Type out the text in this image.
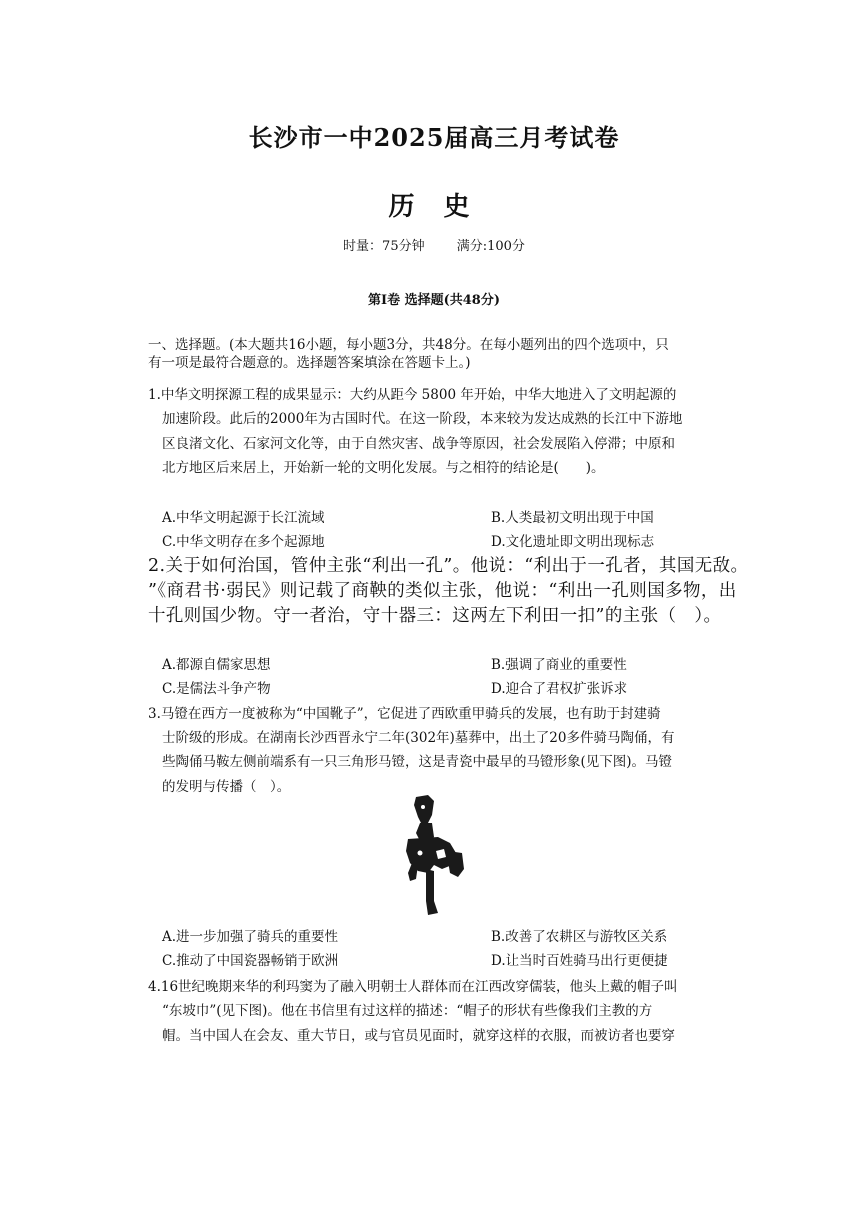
长沙市一中2025届高三月考试卷
历 史
时量：75分钟 满分:100分
第Ⅰ卷 选择题(共48分)
一、选择题。(本大题共16小题，每小题3分，共48分。在每小题列出的四个选项中，只
有一项是最符合题意的。选择题答案填涂在答题卡上。)
1.中华文明探源工程的成果显示：大约从距今 5800 年开始，中华大地进入了文明起源的
加速阶段。此后的2000年为古国时代。在这一阶段，本来较为发达成熟的长江中下游地
区良渚文化、石家河文化等，由于自然灾害、战争等原因，社会发展陷入停滞；中原和
北方地区后来居上，开始新一轮的文明化发展。与之相符的结论是(　　)。
A.中华文明起源于长江流域	B.人类最初文明出现于中国
C.中华文明存在多个起源地	D.文化遗址即文明出现标志
2.关于如何治国，管仲主张“利出一孔”。他说：“利出于一孔者，其国无敌。
”《商君书·弱民》则记载了商鞅的类似主张，他说：“利出一孔则国多物，出
十孔则国少物。守一者治，守十器三：这两左下利田一扣”的主张（　）。
A.都源自儒家思想	B.强调了商业的重要性
C.是儒法斗争产物	D.迎合了君权扩张诉求
3.马镫在西方一度被称为“中国靴子”，它促进了西欧重甲骑兵的发展，也有助于封建骑
士阶级的形成。在湖南长沙西晋永宁二年(302年)墓葬中，出土了20多件骑马陶俑，有
些陶俑马鞍左侧前端系有一只三角形马镫，这是青瓷中最早的马镫形象(见下图)。马镫
的发明与传播（　）。
A.进一步加强了骑兵的重要性	B.改善了农耕区与游牧区关系
C.推动了中国瓷器畅销于欧洲	D.让当时百姓骑马出行更便捷
4.16世纪晚期来华的利玛窦为了融入明朝士人群体而在江西改穿儒装，他头上戴的帽子叫
“东坡巾”(见下图)。他在书信里有过这样的描述：“帽子的形状有些像我们主教的方
帽。当中国人在会友、重大节日，或与官员见面时，就穿这样的衣服，而被访者也要穿
